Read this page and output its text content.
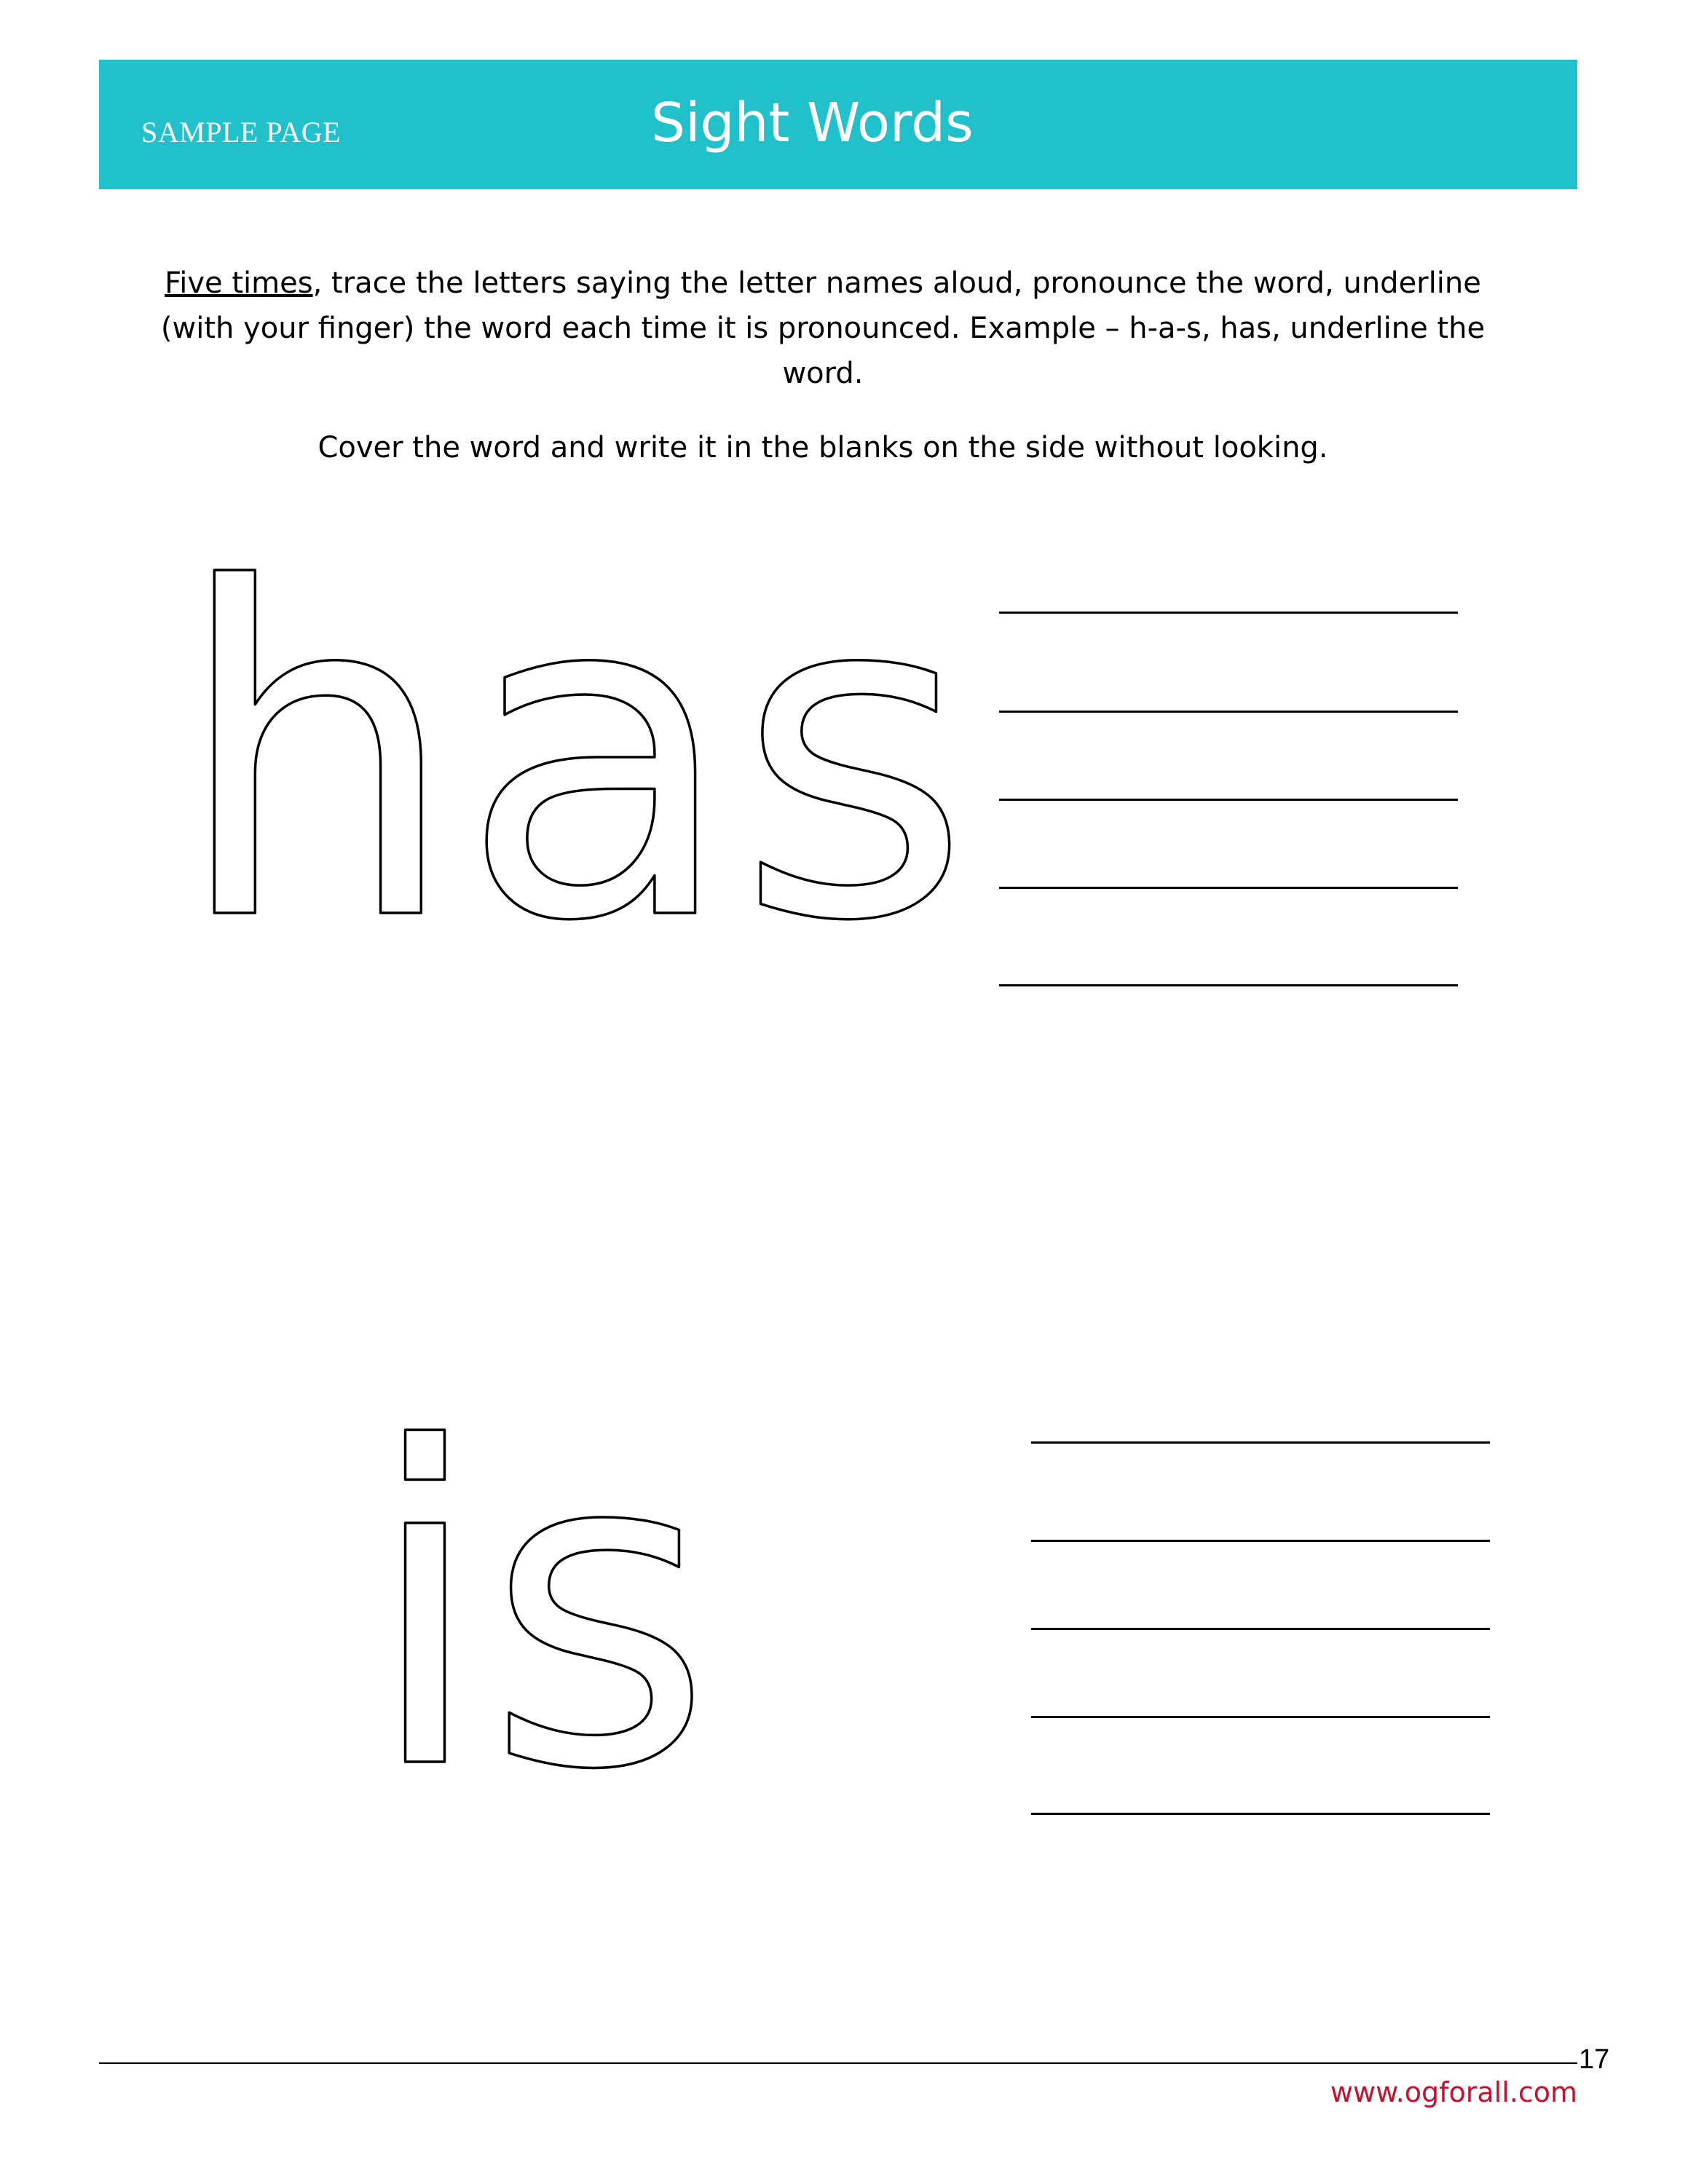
SAMPLE PAGE	Sight Words

Five times, trace the letters saying the letter names aloud, pronounce the word, underline (with your finger) the word each time it is pronounced. Example – h-a-s, has, underline the word.

Cover the word and write it in the blanks on the side without looking.

has
is
17
www.ogforall.com
